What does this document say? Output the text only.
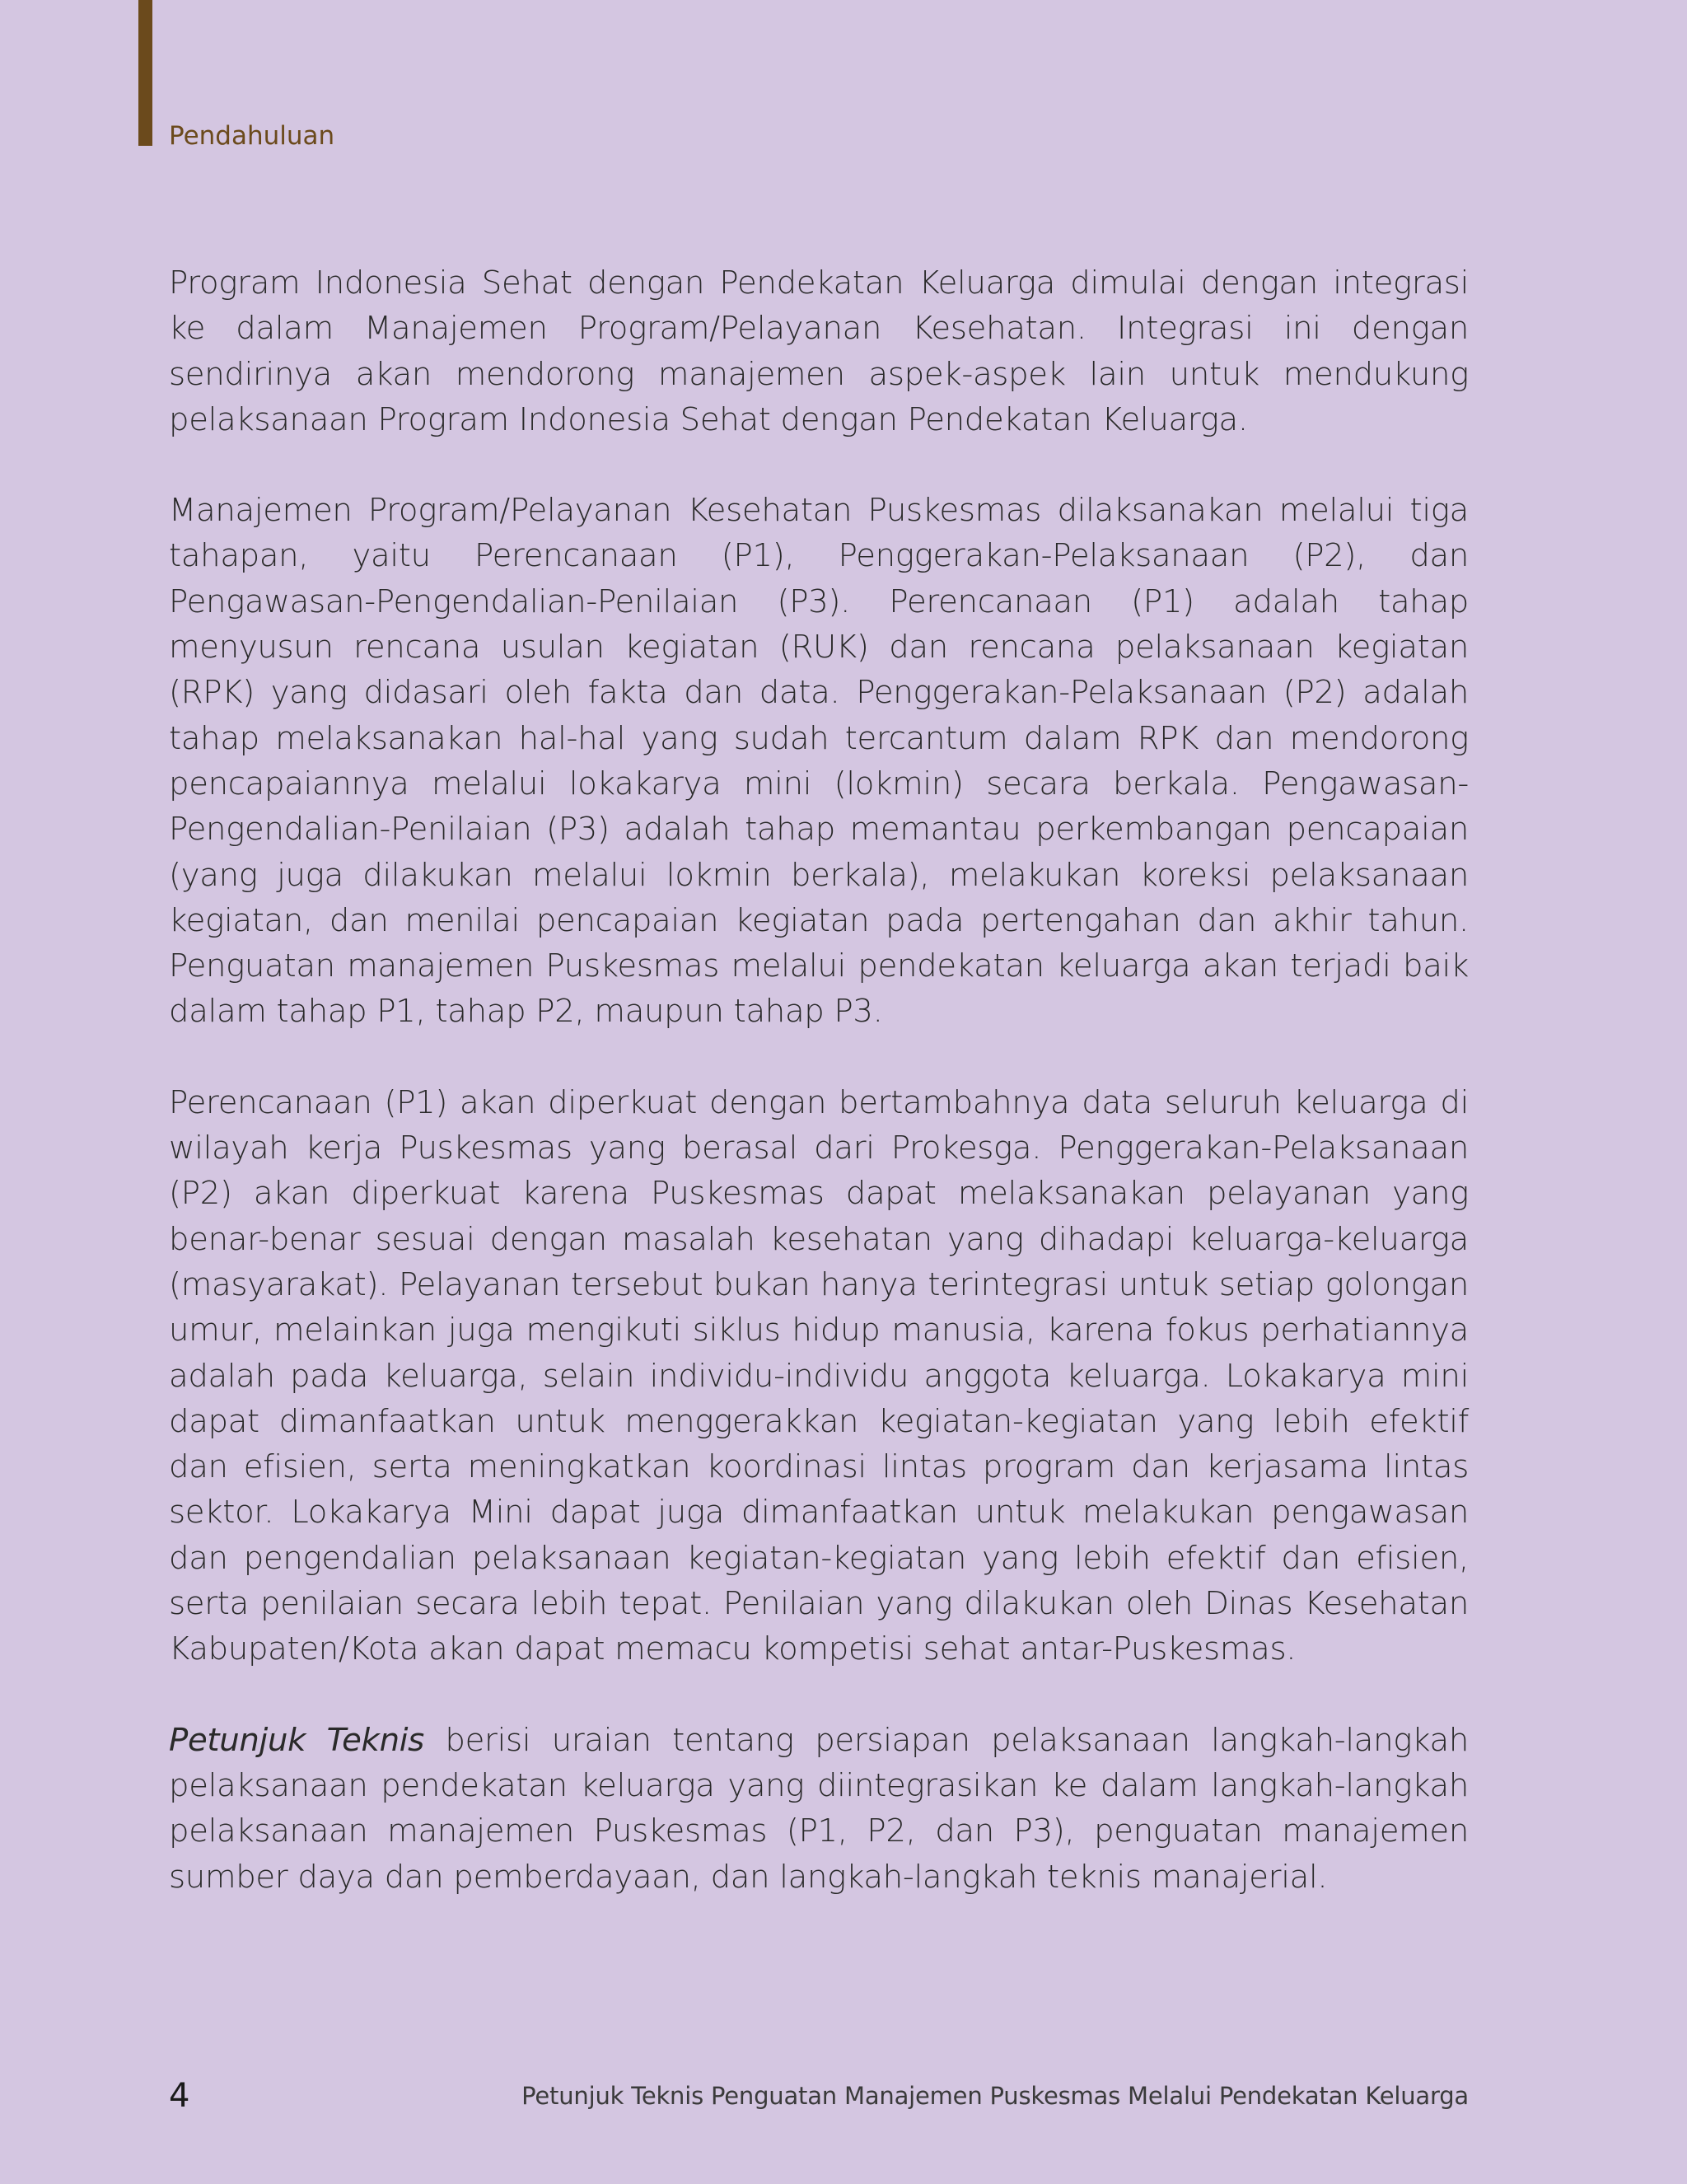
Pendahuluan

Program Indonesia Sehat dengan Pendekatan Keluarga dimulai dengan integrasi ke dalam Manajemen Program/Pelayanan Kesehatan. Integrasi ini dengan sendirinya akan mendorong manajemen aspek-aspek lain untuk mendukung pelaksanaan Program Indonesia Sehat dengan Pendekatan Keluarga.

Manajemen Program/Pelayanan Kesehatan Puskesmas dilaksanakan melalui tiga tahapan, yaitu Perencanaan (P1), Penggerakan-Pelaksanaan (P2), dan Pengawasan-Pengendalian-Penilaian (P3). Perencanaan (P1) adalah tahap menyusun rencana usulan kegiatan (RUK) dan rencana pelaksanaan kegiatan (RPK) yang didasari oleh fakta dan data. Penggerakan-Pelaksanaan (P2) adalah tahap melaksanakan hal-hal yang sudah tercantum dalam RPK dan mendorong pencapaiannya melalui lokakarya mini (lokmin) secara berkala. Pengawasan-Pengendalian-Penilaian (P3) adalah tahap memantau perkembangan pencapaian (yang juga dilakukan melalui lokmin berkala), melakukan koreksi pelaksanaan kegiatan, dan menilai pencapaian kegiatan pada pertengahan dan akhir tahun. Penguatan manajemen Puskesmas melalui pendekatan keluarga akan terjadi baik dalam tahap P1, tahap P2, maupun tahap P3.

Perencanaan (P1) akan diperkuat dengan bertambahnya data seluruh keluarga di wilayah kerja Puskesmas yang berasal dari Prokesga. Penggerakan-Pelaksanaan (P2) akan diperkuat karena Puskesmas dapat melaksanakan pelayanan yang benar-benar sesuai dengan masalah kesehatan yang dihadapi keluarga-keluarga (masyarakat). Pelayanan tersebut bukan hanya terintegrasi untuk setiap golongan umur, melainkan juga mengikuti siklus hidup manusia, karena fokus perhatiannya adalah pada keluarga, selain individu-individu anggota keluarga. Lokakarya mini dapat dimanfaatkan untuk menggerakkan kegiatan-kegiatan yang lebih efektif dan efisien, serta meningkatkan koordinasi lintas program dan kerjasama lintas sektor. Lokakarya Mini dapat juga dimanfaatkan untuk melakukan pengawasan dan pengendalian pelaksanaan kegiatan-kegiatan yang lebih efektif dan efisien, serta penilaian secara lebih tepat. Penilaian yang dilakukan oleh Dinas Kesehatan Kabupaten/Kota akan dapat memacu kompetisi sehat antar-Puskesmas.

Petunjuk Teknis berisi uraian tentang persiapan pelaksanaan langkah-langkah pelaksanaan pendekatan keluarga yang diintegrasikan ke dalam langkah-langkah pelaksanaan manajemen Puskesmas (P1, P2, dan P3), penguatan manajemen sumber daya dan pemberdayaan, dan langkah-langkah teknis manajerial.

4	Petunjuk Teknis Penguatan Manajemen Puskesmas Melalui Pendekatan Keluarga
